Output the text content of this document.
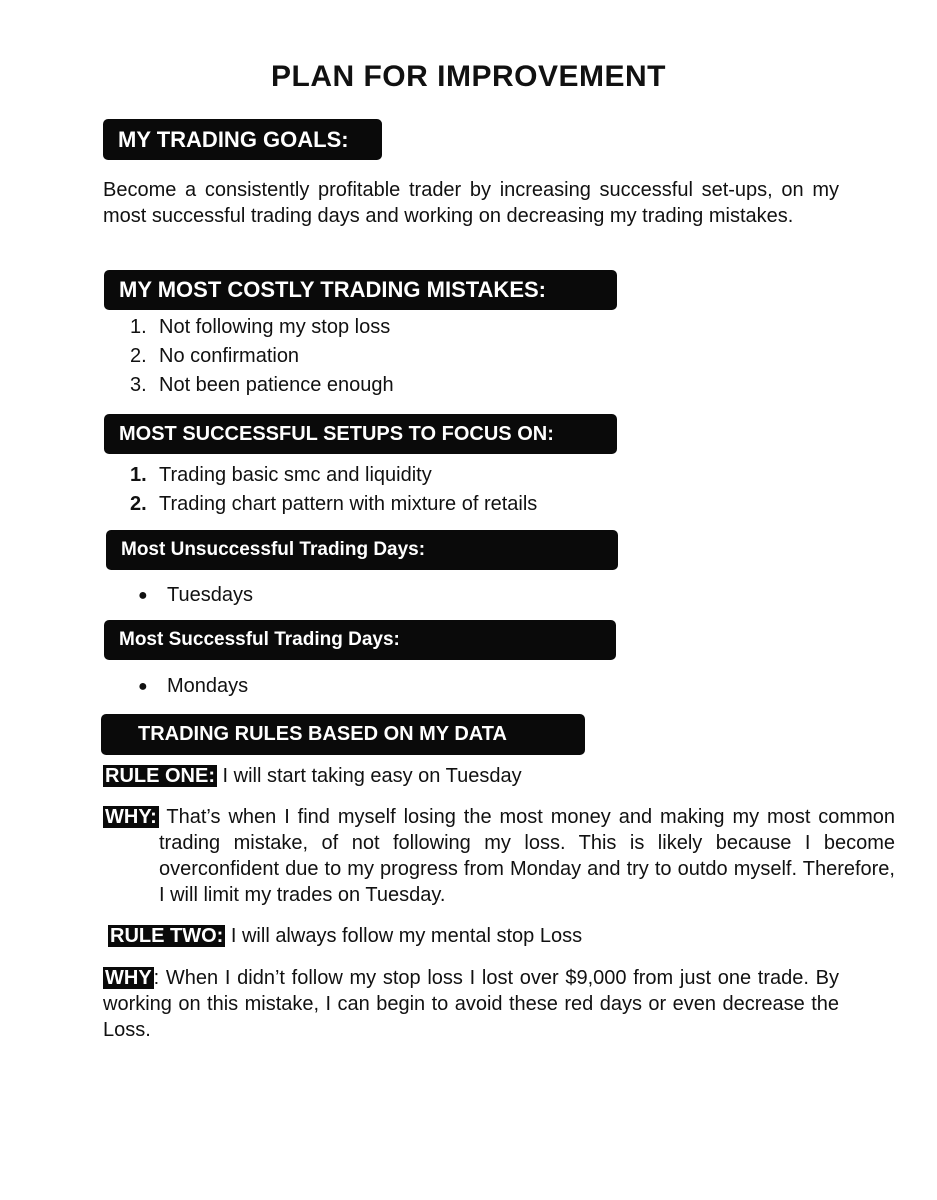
PLAN FOR IMPROVEMENT
MY TRADING GOALS:

Become a consistently profitable trader by increasing successful set-ups, on my most successful trading days and working on decreasing my trading mistakes.

MY MOST COSTLY TRADING MISTAKES:
1. Not following my stop loss
2. No confirmation
3. Not been patience enough
MOST SUCCESSFUL SETUPS TO FOCUS ON:
1. Trading basic smc and liquidity
2. Trading chart pattern with mixture of retails
Most Unsuccessful Trading Days:
● Tuesdays
Most Successful Trading Days:
● Mondays
TRADING RULES BASED ON MY DATA
RULE ONE: I will start taking easy on Tuesday

WHY: That’s when I find myself losing the most money and making my most common trading mistake, of not following my loss. This is likely because I become overconfident due to my progress from Monday and try to outdo myself. Therefore, I will limit my trades on Tuesday.

RULE TWO: I will always follow my mental stop Loss

WHY : When I didn’t follow my stop loss I lost over $9,000 from just one trade. By working on this mistake, I can begin to avoid these red days or even decrease the Loss.
